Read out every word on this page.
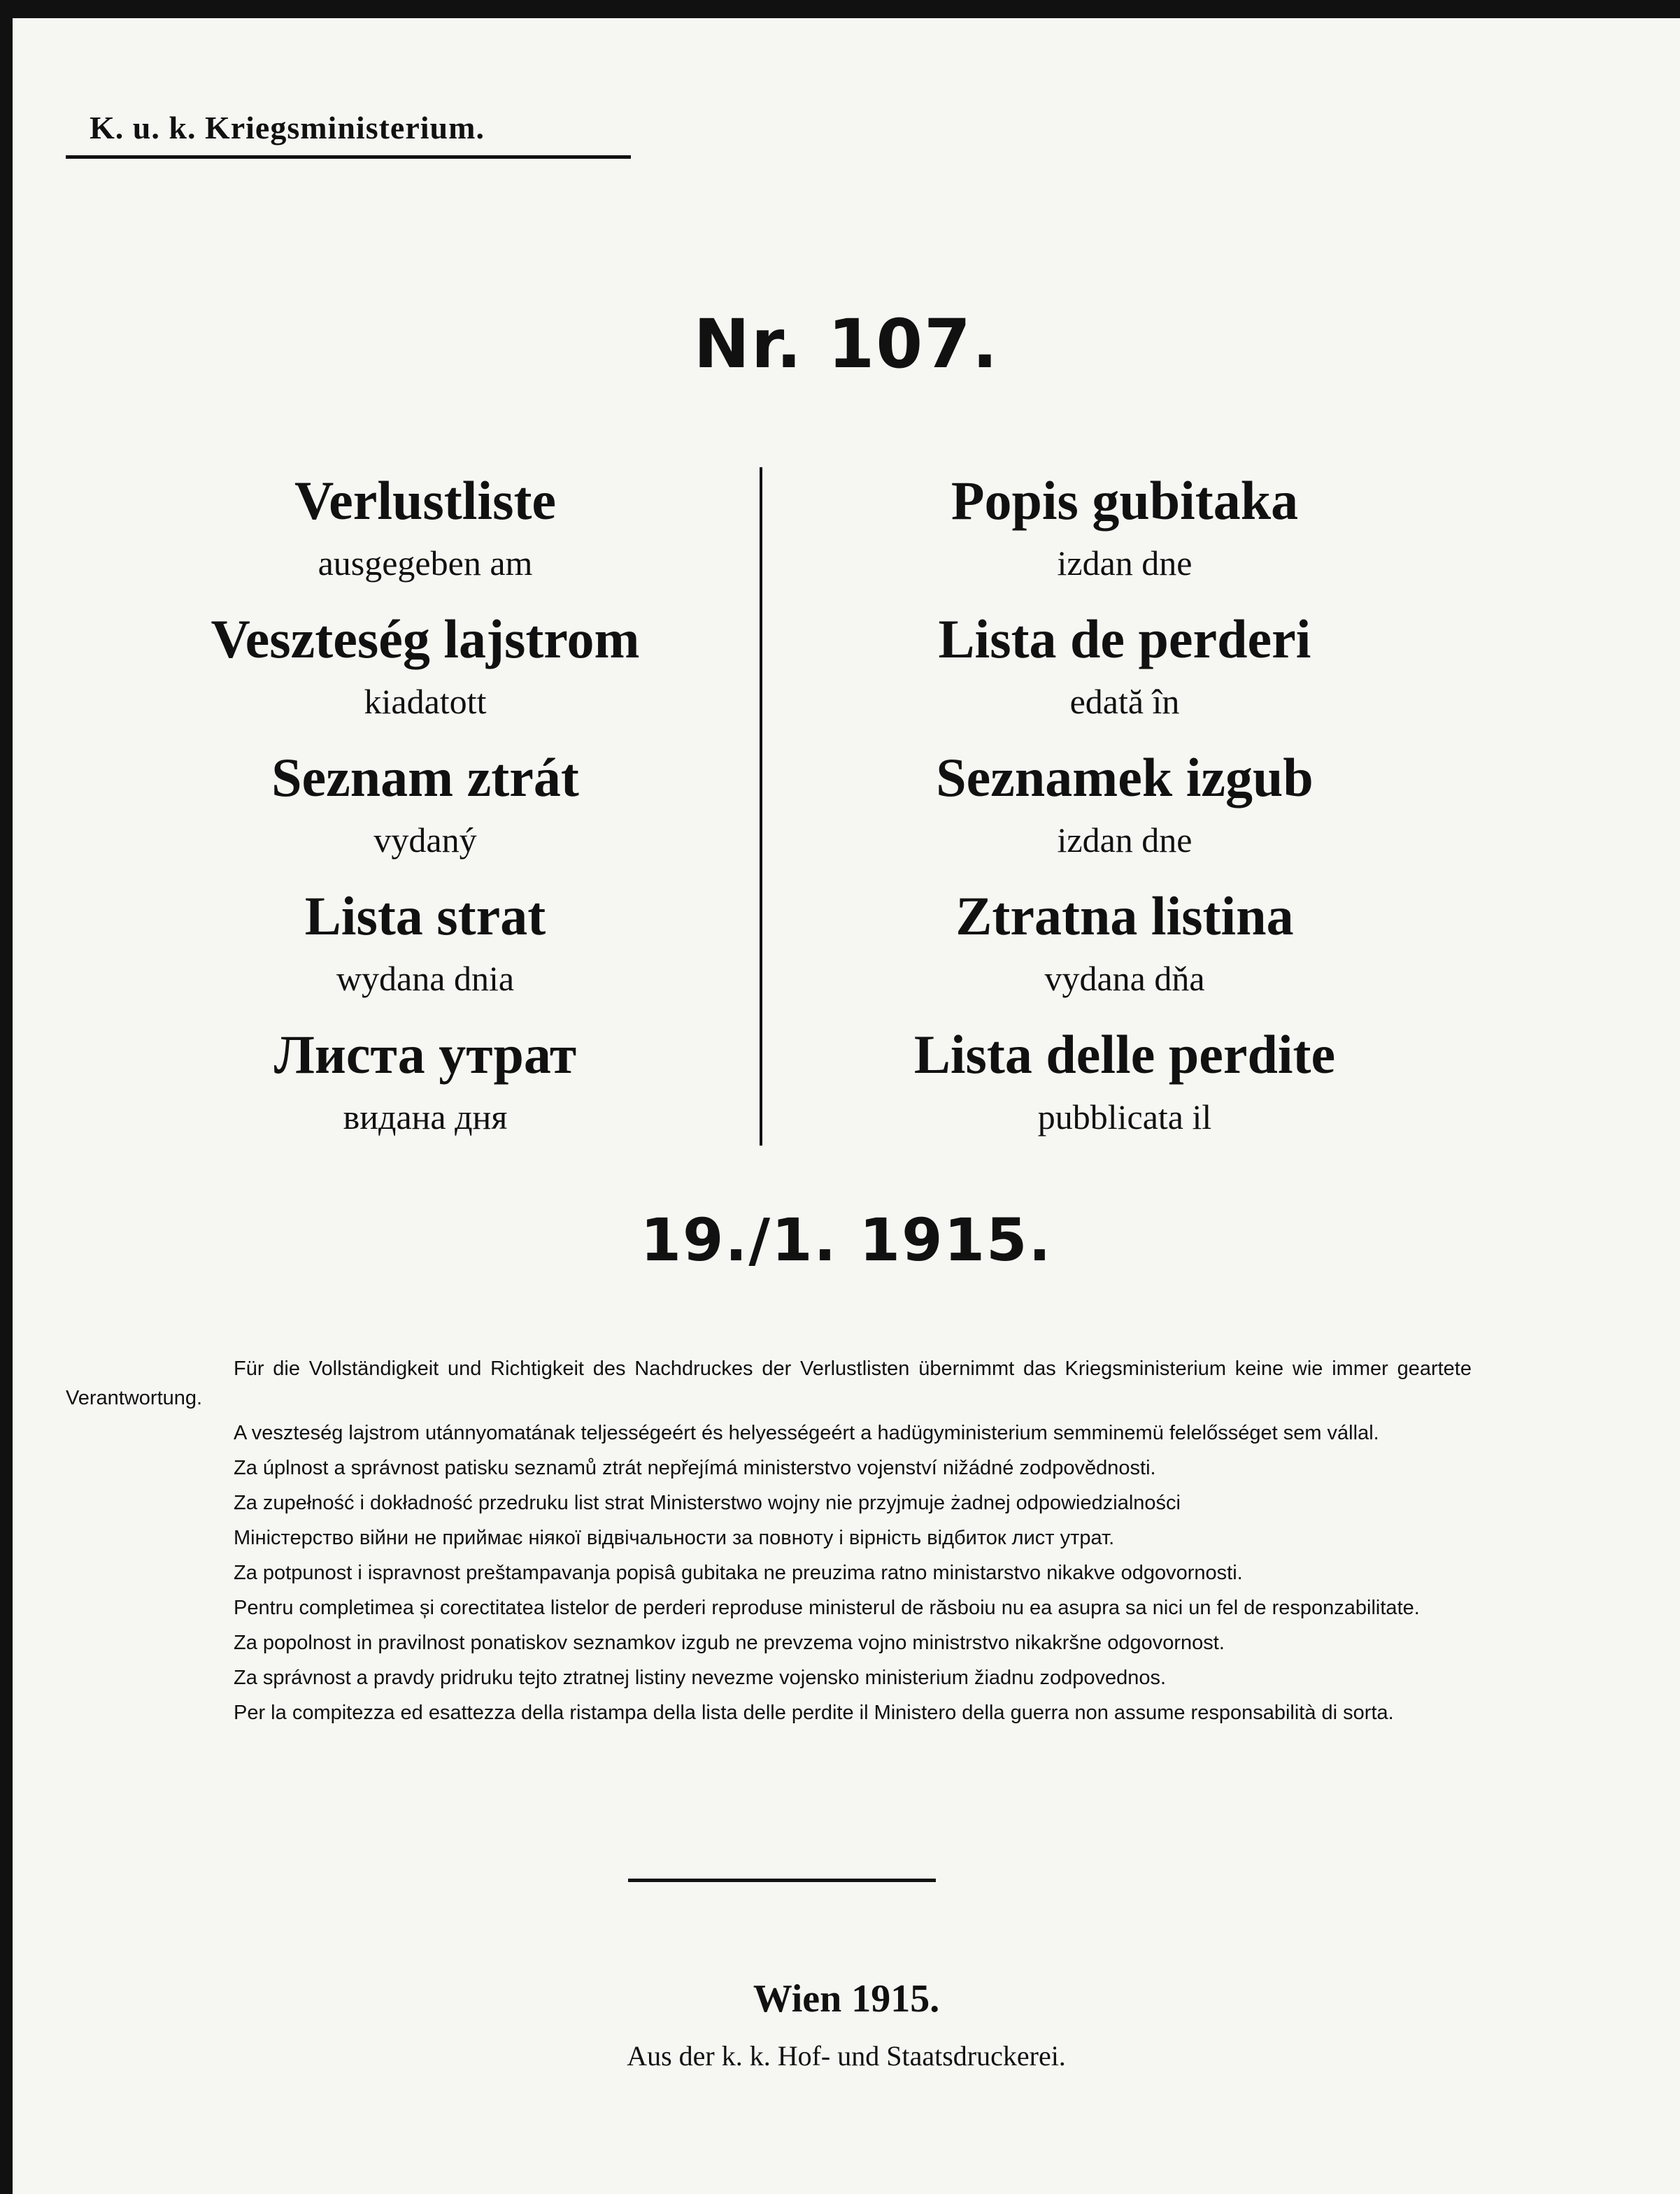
K. u. k. Kriegsministerium.
Nr. 107.
Verlustliste
ausgegeben am
Veszteség lajstrom
kiadatott
Seznam ztrát
vydaný
Lista strat
wydana dnia
Листа утрат
видана дня
Popis gubitaka
izdan dne
Lista de perderi
edată în
Seznamek izgub
izdan dne
Ztratna listina
vydana dňa
Lista delle perdite
pubblicata il
19./1. 1915.

Für die Vollständigkeit und Richtigkeit des Nachdruckes der Verlustlisten übernimmt das Kriegsministerium keine wie immer geartete Verantwortung.

A veszteség lajstrom utánnyomatának teljességeért és helyességeért a hadügyministerium semminemü felelősséget sem vállal.

Za úplnost a správnost patisku seznamů ztrát nepřejímá ministerstvo vojenství nižádné zodpovědnosti.

Za zupełność i dokładność przedruku list strat Ministerstwo wojny nie przyjmuje żadnej odpowiedzialności

Міністерство війни не приймає ніякої відвічальности за повноту і вірність відбиток лист утрат.

Za potpunost i ispravnost preštampavanja popisâ gubitaka ne preuzima ratno ministarstvo nikakve odgovornosti.

Pentru completimea și corectitatea listelor de perderi reproduse ministerul de răsboiu nu ea asupra sa nici un fel de responzabilitate.

Za popolnost in pravilnost ponatiskov seznamkov izgub ne prevzema vojno ministrstvo nikakršne odgovornost.

Za správnost a pravdy pridruku tejto ztratnej listiny nevezme vojensko ministerium žiadnu zodpovednos.

Per la compitezza ed esattezza della ristampa della lista delle perdite il Ministero della guerra non assume responsabilità di sorta.

Wien 1915.
Aus der k. k. Hof- und Staatsdruckerei.
